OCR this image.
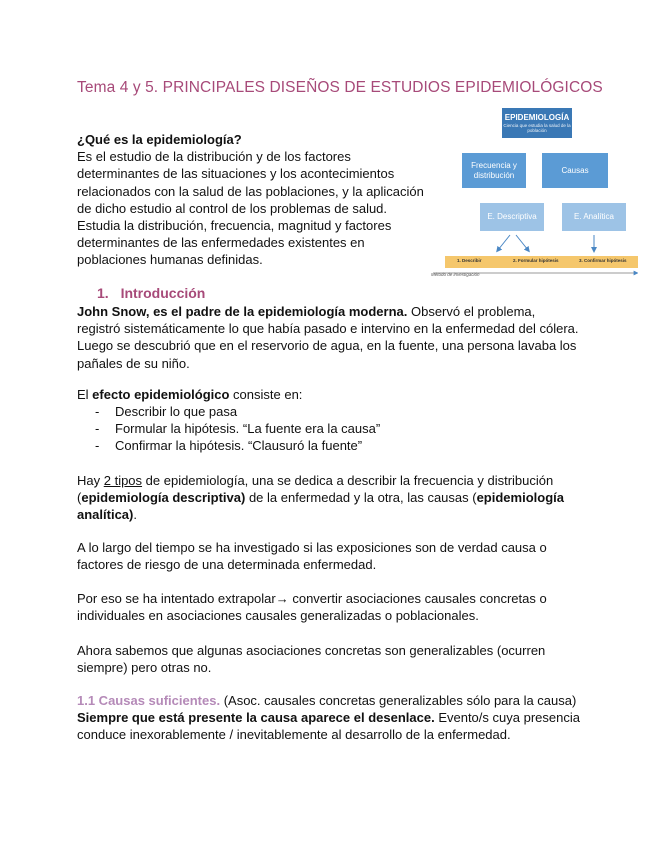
Tema 4 y 5. PRINCIPALES DISEÑOS DE ESTUDIOS EPIDEMIOLÓGICOS
¿Qué es la epidemiología?
Es el estudio de la distribución y de los factores
determinantes de las situaciones y los acontecimientos
relacionados con la salud de las poblaciones, y la aplicación
de dicho estudio al control de los problemas de salud.
Estudia la distribución, frecuencia, magnitud y factores
determinantes de las enfermedades existentes en
poblaciones humanas definidas.
EPIDEMIOLOGÍA
Ciencia que estudia la salud de la población
Frecuencia y distribución
Causas
E. Descriptiva	E. Analítica
1. Describir	2. Formular hipótesis	3. Confirmar hipótesis
Método de investigación
1. Introducción
John Snow, es el padre de la epidemiología moderna. Observó el problema, registró sistemáticamente lo que había pasado e intervino en la enfermedad del cólera. Luego se descubrió que en el reservorio de agua, en la fuente, una persona lavaba los pañales de su niño.
El efecto epidemiológico consiste en:
- Describir lo que pasa
- Formular la hipótesis. “La fuente era la causa”
- Confirmar la hipótesis. “Clausuró la fuente”
Hay 2 tipos de epidemiología, una se dedica a describir la frecuencia y distribución (epidemiología descriptiva) de la enfermedad y la otra, las causas (epidemiología analítica).
A lo largo del tiempo se ha investigado si las exposiciones son de verdad causa o factores de riesgo de una determinada enfermedad.
Por eso se ha intentado extrapolar→ convertir asociaciones causales concretas o individuales en asociaciones causales generalizadas o poblacionales.
Ahora sabemos que algunas asociaciones concretas son generalizables (ocurren siempre) pero otras no.
1.1 Causas suficientes. (Asoc. causales concretas generalizables sólo para la causa)
Siempre que está presente la causa aparece el desenlace. Evento/s cuya presencia conduce inexorablemente / inevitablemente al desarrollo de la enfermedad.
